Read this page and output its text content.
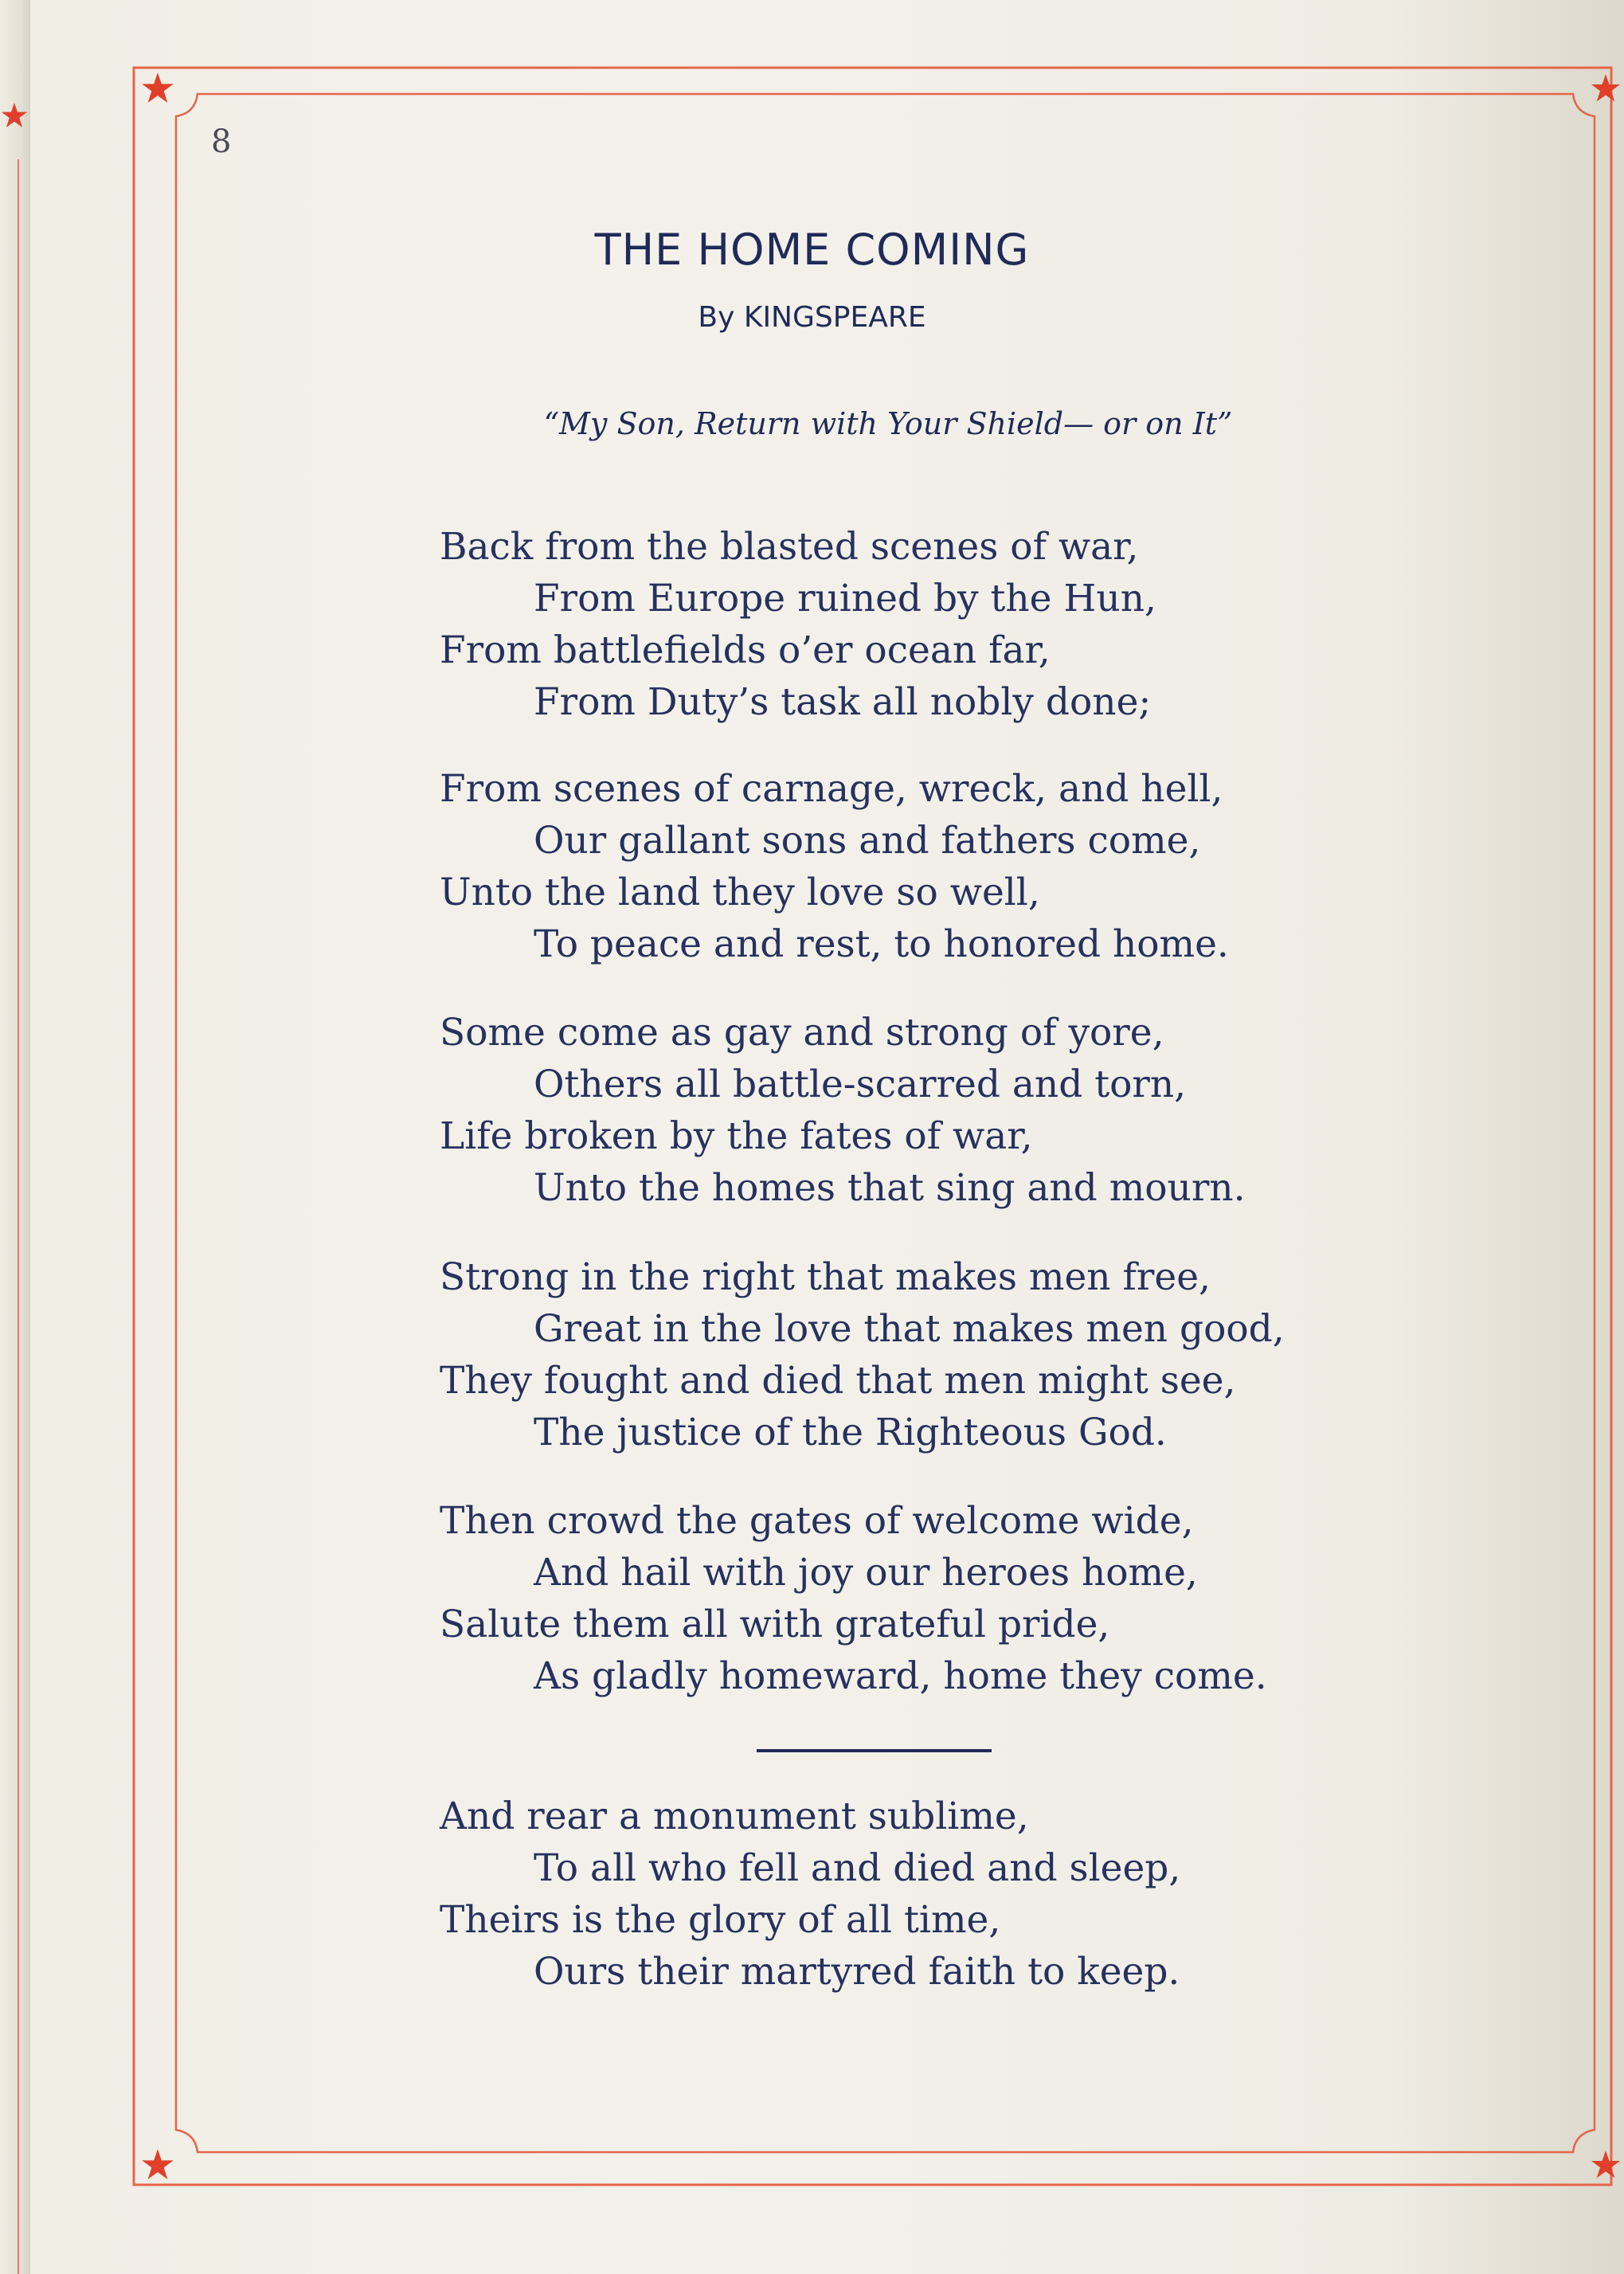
8

THE HOME COMING
By KINGSPEARE

“My Son, Return with Your Shield— or on It”

Back from the blasted scenes of war,
From Europe ruined by the Hun,
From battlefields o’er ocean far,
From Duty’s task all nobly done;
From scenes of carnage, wreck, and hell,
Our gallant sons and fathers come,
Unto the land they love so well,
To peace and rest, to honored home.
Some come as gay and strong of yore,
Others all battle-scarred and torn,
Life broken by the fates of war,
Unto the homes that sing and mourn.
Strong in the right that makes men free,
Great in the love that makes men good,
They fought and died that men might see,
The justice of the Righteous God.
Then crowd the gates of welcome wide,
And hail with joy our heroes home,
Salute them all with grateful pride,
As gladly homeward, home they come.
And rear a monument sublime,
To all who fell and died and sleep,
Theirs is the glory of all time,
Ours their martyred faith to keep.
